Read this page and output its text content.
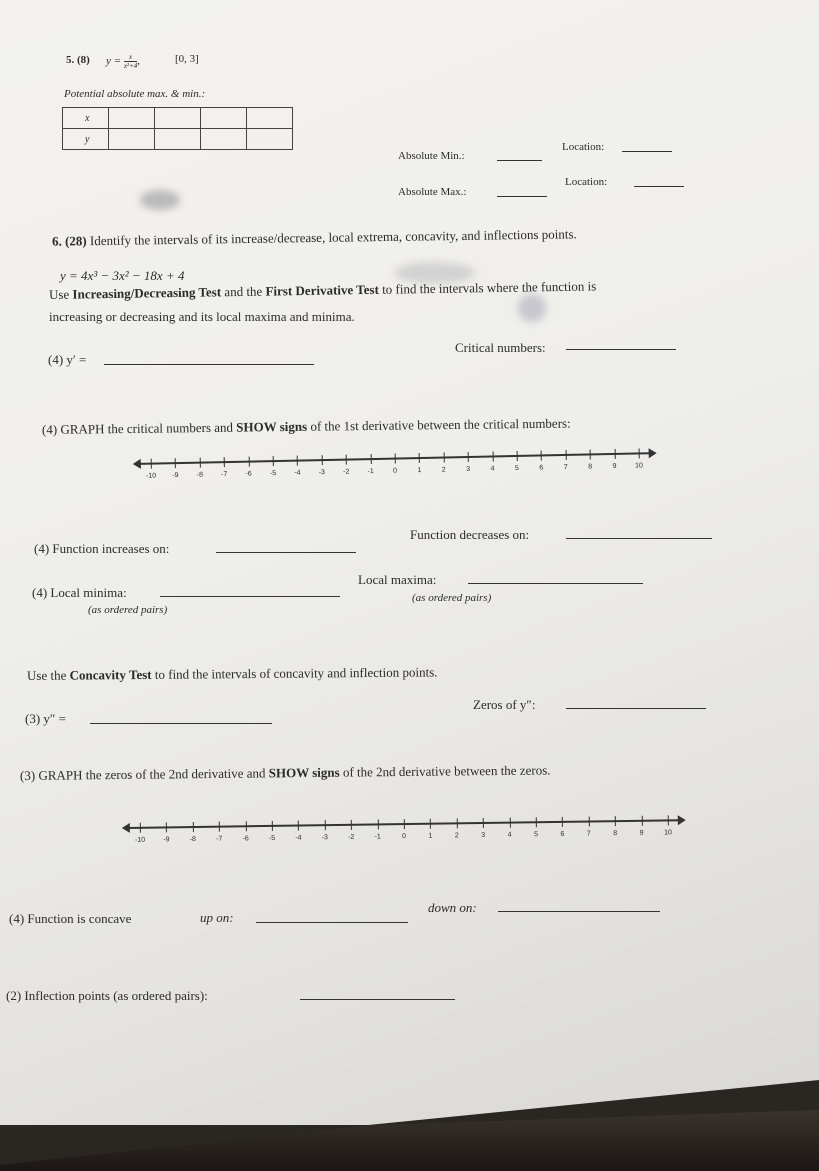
5. (8) $y = \frac{x}{\text{x²+4}}$ ,	[0, 3]
Potential absolute max. & min.:
x				
y				
Absolute Min.:
Location:
Absolute Max.:
Location:
6. (28) Identify the intervals of its increase/decrease, local extrema, concavity, and inflections points.
y = 4x³ − 3x² − 18x + 4
Use Increasing/Decreasing Test and the First Derivative Test to find the intervals where the function is
increasing or decreasing and its local maxima and minima.
(4) y′ =
Critical numbers:
(4) GRAPH the critical numbers and SHOW signs of the 1st derivative between the critical numbers:
-10 -9	-8	-7	-6	-5	-4	-3	-2	-1	0	1	2	3	4	5	6	7	8	9	10
(4) Function increases on:
Function decreases on:
(4) Local minima:
(as ordered pairs)
Local maxima:
(as ordered pairs)
Use the Concavity Test to find the intervals of concavity and inflection points.
(3) y″ =
Zeros of y″:
(3) GRAPH the zeros of the 2nd derivative and SHOW signs of the 2nd derivative between the zeros.
-10	-9	-8	-7	-6	-5	-4	-3	-2	-1	0	1	2	3	4	5	6	7	8	9	10
(4) Function is concave	up on:
down on:
(2) Inflection points (as ordered pairs):
